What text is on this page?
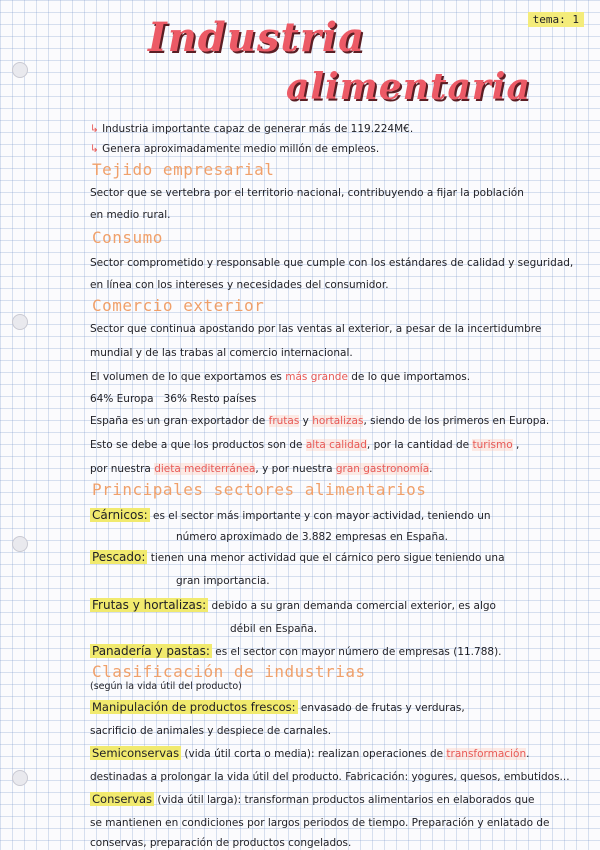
tema: 1
Industria
alimentaria
↳ Industria importante capaz de generar más de 119.224M€.
↳ Genera aproximadamente medio millón de empleos.
Tejido empresarial
Sector que se vertebra por el territorio nacional, contribuyendo a fijar la población
en medio rural.
Consumo
Sector comprometido y responsable que cumple con los estándares de calidad y seguridad,
en línea con los intereses y necesidades del consumidor.
Comercio exterior
Sector que continua apostando por las ventas al exterior, a pesar de la incertidumbre
mundial y de las trabas al comercio internacional.
El volumen de lo que exportamos es más grande de lo que importamos.
64% Europa   36% Resto países
España es un gran exportador de frutas y hortalizas, siendo de los primeros en Europa.
Esto se debe a que los productos son de alta calidad, por la cantidad de turismo ,
por nuestra dieta mediterránea, y por nuestra gran gastronomía.
Principales sectores alimentarios
Cárnicos: es el sector más importante y con mayor actividad, teniendo un
número aproximado de 3.882 empresas en España.
Pescado: tienen una menor actividad que el cárnico pero sigue teniendo una
gran importancia.
Frutas y hortalizas: debido a su gran demanda comercial exterior, es algo
débil en España.
Panadería y pastas: es el sector con mayor número de empresas (11.788).
Clasificación de industrias
(según la vida útil del producto)
Manipulación de productos frescos: envasado de frutas y verduras,
sacrificio de animales y despiece de carnales.
Semiconservas (vida útil corta o media): realizan operaciones de transformación.
destinadas a prolongar la vida útil del producto. Fabricación: yogures, quesos, embutidos...
Conservas (vida útil larga): transforman productos alimentarios en elaborados que
se mantienen en condiciones por largos periodos de tiempo. Preparación y enlatado de
conservas, preparación de productos congelados.
